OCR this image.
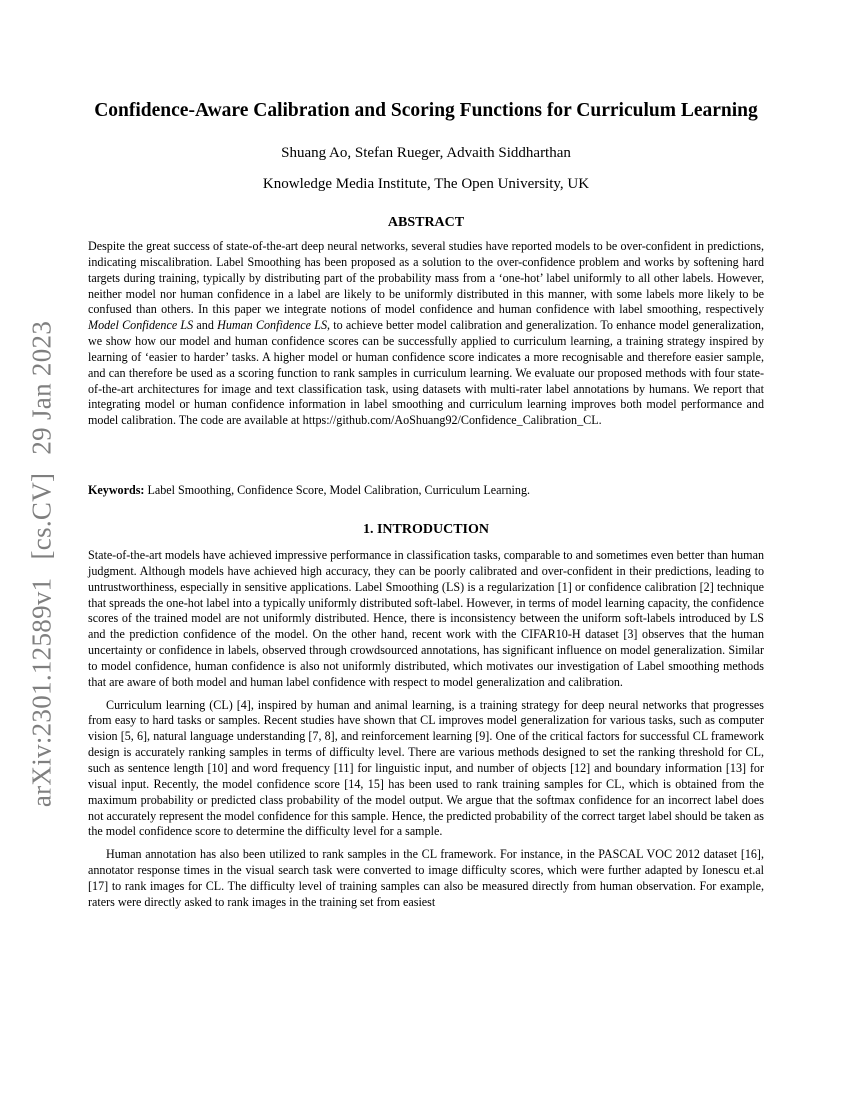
arXiv:2301.12589v1[cs.CV]29 Jan 2023
Confidence-Aware Calibration and Scoring Functions for Curriculum Learning
Shuang Ao, Stefan Rueger, Advaith Siddharthan
Knowledge Media Institute, The Open University, UK
ABSTRACT

Despite the great success of state-of-the-art deep neural networks, several studies have reported models to be over-confident in predictions, indicating miscalibration. Label Smoothing has been proposed as a solution to the over-confidence problem and works by softening hard targets during training, typically by distributing part of the probability mass from a ‘one-hot’ label uniformly to all other labels. However, neither model nor human confidence in a label are likely to be uniformly distributed in this manner, with some labels more likely to be confused than others. In this paper we integrate notions of model confidence and human confidence with label smoothing, respectively Model Confidence LS and Human Confidence LS, to achieve better model calibration and generalization. To enhance model generalization, we show how our model and human confidence scores can be successfully applied to curriculum learning, a training strategy inspired by learning of ‘easier to harder’ tasks. A higher model or human confidence score indicates a more recognisable and therefore easier sample, and can therefore be used as a scoring function to rank samples in curriculum learning. We evaluate our proposed methods with four state-of-the-art architectures for image and text classification task, using datasets with multi-rater label annotations by humans. We report that integrating model or human confidence information in label smoothing and curriculum learning improves both model performance and model calibration. The code are available at https://github.com/AoShuang92/Confidence_Calibration_CL.

Keywords: Label Smoothing, Confidence Score, Model Calibration, Curriculum Learning.
1. INTRODUCTION

State-of-the-art models have achieved impressive performance in classification tasks, comparable to and sometimes even better than human judgment. Although models have achieved high accuracy, they can be poorly calibrated and over-confident in their predictions, leading to untrustworthiness, especially in sensitive applications. Label Smoothing (LS) is a regularization [1] or confidence calibration [2] technique that spreads the one-hot label into a typically uniformly distributed soft-label. However, in terms of model learning capacity, the confidence scores of the trained model are not uniformly distributed. Hence, there is inconsistency between the uniform soft-labels introduced by LS and the prediction confidence of the model. On the other hand, recent work with the CIFAR10-H dataset [3] observes that the human uncertainty or confidence in labels, observed through crowdsourced annotations, has significant influence on model generalization. Similar to model confidence, human confidence is also not uniformly distributed, which motivates our investigation of Label smoothing methods that are aware of both model and human label confidence with respect to model generalization and calibration.

Curriculum learning (CL) [4], inspired by human and animal learning, is a training strategy for deep neural networks that progresses from easy to hard tasks or samples. Recent studies have shown that CL improves model generalization for various tasks, such as computer vision [5, 6], natural language understanding [7, 8], and reinforcement learning [9]. One of the critical factors for successful CL framework design is accurately ranking samples in terms of difficulty level. There are various methods designed to set the ranking threshold for CL, such as sentence length [10] and word frequency [11] for linguistic input, and number of objects [12] and boundary information [13] for visual input. Recently, the model confidence score [14, 15] has been used to rank training samples for CL, which is obtained from the maximum probability or predicted class probability of the model output. We argue that the softmax confidence for an incorrect label does not accurately represent the model confidence for this sample. Hence, the predicted probability of the correct target label should be taken as the model confidence score to determine the difficulty level for a sample.

Human annotation has also been utilized to rank samples in the CL framework. For instance, in the PASCAL VOC 2012 dataset [16], annotator response times in the visual search task were converted to image difficulty scores, which were further adapted by Ionescu et.al [17] to rank images for CL. The difficulty level of training samples can also be measured directly from human observation. For example, raters were directly asked to rank images in the training set from easiest
